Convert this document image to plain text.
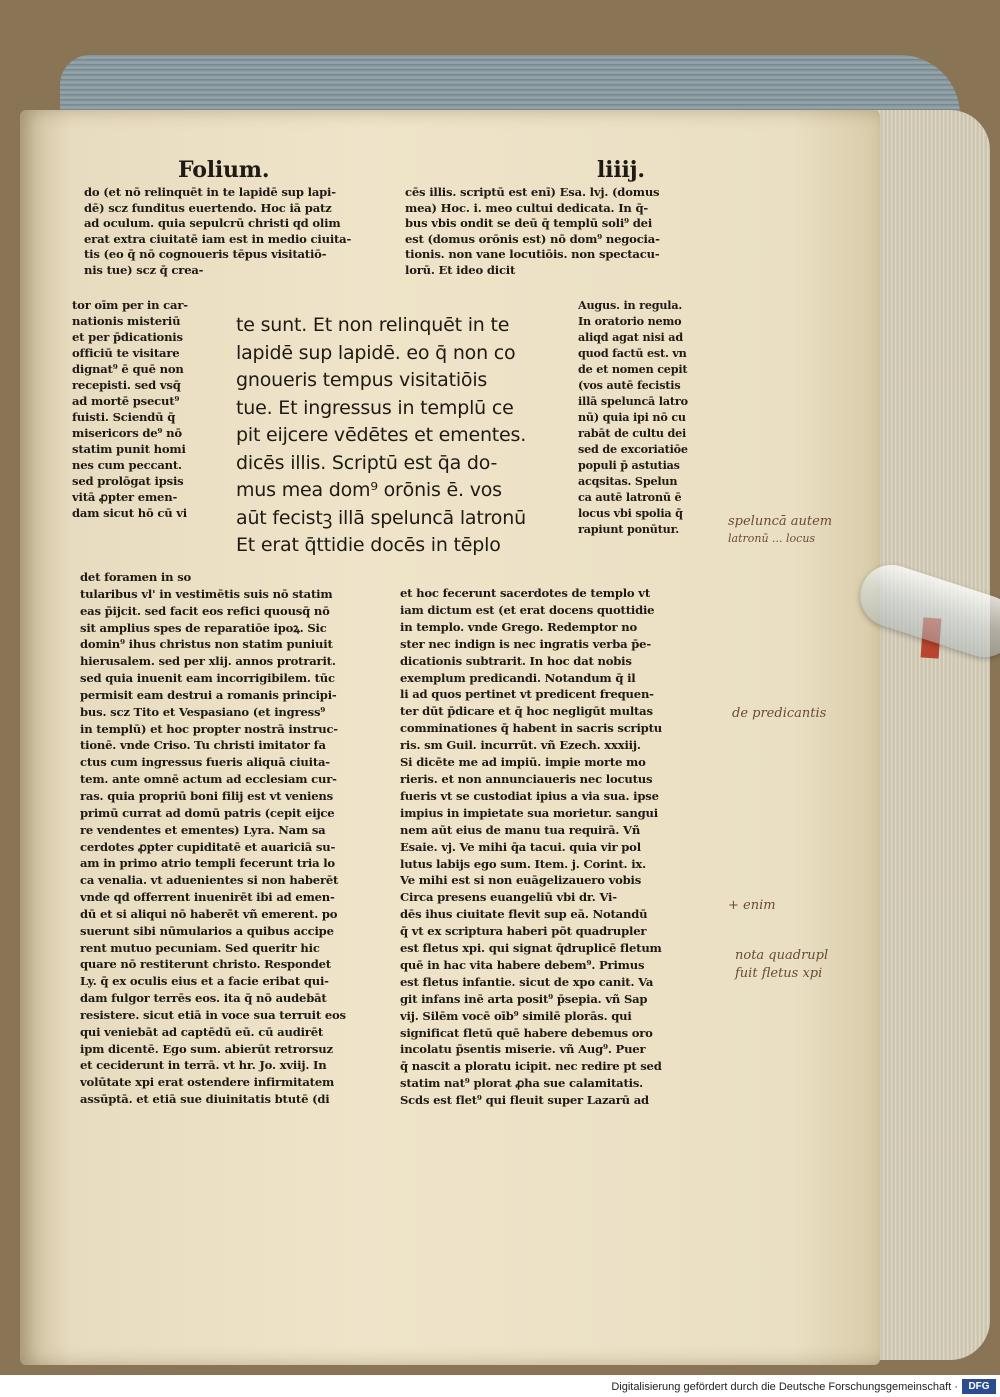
Folium.	liiij.
do (et nō relinquēt in te lapidē sup lapi-
dē) scz funditus euertendo. Hoc iā patz
ad oculum. quia sepulcrū christi qd olim
erat extra ciuitatē iam est in medio ciuita-
tis (eo q̄ nō cognoueris tēpus visitatiō-
nis tue) scz q̄ crea-
cēs illis. scriptū est enī) Esa. lvj. (domus
mea) Hoc. i. meo cultui dedicata. In q̄-
bus vbis ondit se deū q̄ templū soli⁹ dei
est (domus orōnis est) nō dom⁹ negocia-
tionis. non vane locutiōis. non spectacu-
lorū. Et ideo dicit
tor oīm per in car-
nationis misteriū
et per p̄dicationis
officiū te visitare
dignat⁹ ē quē non
recepisti. sed vsq̄
ad mortē psecut⁹
fuisti. Sciendū q̄
misericors de⁹ nō
statim punit homi
nes cum peccant.
sed prolōgat ipsis
vitā ꝓpter emen-
dam sicut hō cū vi
te sunt. Et non relinquēt in te
lapidē sup lapidē. eo q̄ non co
gnoueris tempus visitatiōis
tue. Et ingressus in templū ce
pit eijcere vēdētes et ementes.
dicēs illis. Scriptū est q̄a do-
mus mea dom⁹ orōnis ē. vos
aūt fecistꝫ illā speluncā latronū
Et erat q̄ttidie docēs in tēplo
Augus. in regula.
In oratorio nemo
aliqd agat nisi ad
quod factū est. vn
de et nomen cepit
(vos autē fecistis
illā speluncā latro
nū) quia ipi nō cu
rabāt de cultu dei
sed de excoriatiōe
populi p̄ astutias
acqsitas. Spelun
ca autē latronū ē
locus vbi spolia q̄
rapiunt ponūtur.
det foramen in so
tularibus vl' in vestimētis suis nō statim
eas p̄ijcit. sed facit eos refici quousq̄ nō
sit amplius spes de reparatiōe ipoꝝ. Sic
domin⁹ ihus christus non statim puniuit
hierusalem. sed per xlij. annos protrarit.
sed quia inuenit eam incorrigibilem. tūc
permisit eam destrui a romanis principi-
bus. scz Tito et Vespasiano (et ingress⁹
in templū) et hoc propter nostrā instruc-
tionē. vnde Criso. Tu christi imitator fa
ctus cum ingressus fueris aliquā ciuita-
tem. ante omnē actum ad ecclesiam cur-
ras. quia propriū boni filij est vt veniens
primū currat ad domū patris (cepit eijce
re vendentes et ementes) Lyra. Nam sa
cerdotes ꝓpter cupiditatē et auariciā su-
am in primo atrio templi fecerunt tria lo
ca venalia. vt aduenientes si non haberēt
vnde qd offerrent inuenirēt ibi ad emen-
dū et si aliqui nō haberēt vñ emerent. po
suerunt sibi nūmularios a quibus accipe
rent mutuo pecuniam. Sed queritr hic
quare nō restiterunt christo. Respondet
Ly. q̄ ex oculis eius et a facie eribat qui-
dam fulgor terrēs eos. ita q̄ nō audebāt
resistere. sicut etiā in voce sua terruit eos
qui veniebāt ad captēdū eū. cū audirēt
ipm dicentē. Ego sum. abierūt retrorsuz
et ceciderunt in terrā. vt hr. Jo. xviij. In
volūtate xpi erat ostendere infirmitatem
assūptā. et etiā sue diuinitatis btutē (di
et hoc fecerunt sacerdotes de templo vt
iam dictum est (et erat docens quottidie
in templo. vnde Grego. Redemptor no
ster nec indign is nec ingratis verba p̄e-
dicationis subtrarit. In hoc dat nobis
exemplum predicandi. Notandum q̄ il
li ad quos pertinet vt predicent frequen-
ter dūt p̄dicare et q̄ hoc negligūt multas
comminationes q̄ habent in sacris scriptu
ris. sm Guil. incurrūt. vñ Ezech. xxxiij.
Si dicēte me ad impiū. impie morte mo
rieris. et non annunciaueris nec locutus
fueris vt se custodiat ipius a via sua. ipse
impius in impietate sua morietur. sangui
nem aūt eius de manu tua requirā. Vñ
Esaie. vj. Ve mihi q̄a tacui. quia vir pol
lutus labijs ego sum. Item. j. Corint. ix.
Ve mihi est si non euāgelizauero vobis
Circa presens euangeliū vbi dr. Vi-
dēs ihus ciuitate flevit sup eā. Notandū
q̄ vt ex scriptura haberi pōt quadrupler
est fletus xpi. qui signat q̄druplicē fletum
quē in hac vita habere debem⁹. Primus
est fletus infantie. sicut de xpo canit. Va
git infans inē arta posit⁹ p̄sepia. vñ Sap
vij. Silēm vocē oīb⁹ similē plorās. qui
significat fletū quē habere debemus oro
incolatu p̄sentis miserie. vñ Aug⁹. Puer
q̄ nascit a ploratu icipit. nec redire pt sed
statim nat⁹ plorat ꝓha sue calamitatis.
Scds est flet⁹ qui fleuit super Lazarū ad
speluncā autem
latronū ... locus
de predicantis
+ enim
nota quadrupl
fuit fletus xpi
Digitalisierung gefördert durch die Deutsche Forschungsgemeinschaft ·	DFG
